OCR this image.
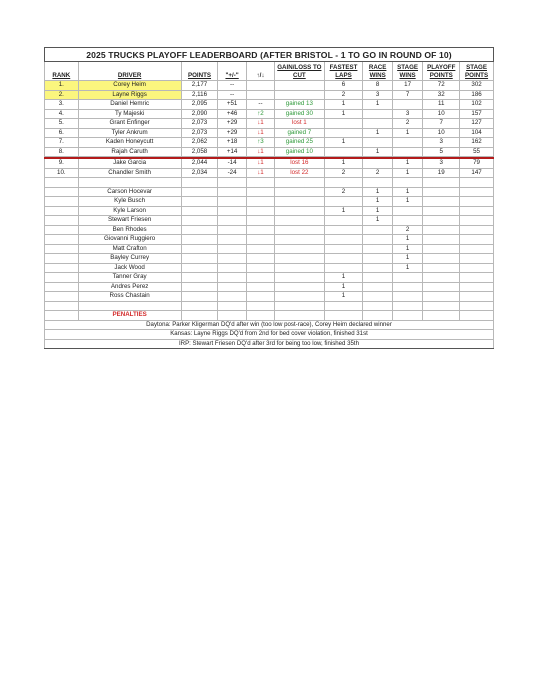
2025 TRUCKS PLAYOFF LEADERBOARD (AFTER BRISTOL - 1 TO GO IN ROUND OF 10)										
RANK	DRIVER	POINTS	"+/-"	↑/↓	GAIN/LOSS TO CUT	FASTEST LAPS	RACE WINS	STAGE WINS	PLAYOFF POINTS	STAGE POINTS
1.	Corey Heim	2,177	--			6	8	17	72	302
2.	Layne Riggs	2,116	--			2	3	7	32	186
3.	Daniel Hemric	2,095	+51	--	gained 13	1	1		11	102
4.	Ty Majeski	2,090	+46	↑2	gained 30	1		3	10	157
5.	Grant Enfinger	2,073	+29	↓1	lost 1			2	7	127
6.	Tyler Ankrum	2,073	+29	↓1	gained 7		1	1	10	104
7.	Kaden Honeycutt	2,062	+18	↑3	gained 25	1			3	162
8.	Rajah Caruth	2,058	+14	↓1	gained 10		1		5	55

9.	Jake Garcia	2,044	-14	↓1	lost 16	1		1	3	79
10.	Chandler Smith	2,034	-24	↓1	lost 22	2	2	1	19	147

	Carson Hocevar					2	1	1		
	Kyle Busch						1	1		
	Kyle Larson					1	1			
	Stewart Friesen						1			
	Ben Rhodes							2		
	Giovanni Ruggiero							1		
	Matt Crafton							1		
	Bayley Currey							1		
	Jack Wood							1		
	Tanner Gray					1				
	Andres Perez					1				
	Ross Chastain					1				

	PENALTIES									
Daytona: Parker Kligerman DQ'd after win (too low post-race), Corey Heim declared winner										
Kansas: Layne Riggs DQ'd from 2nd for bed cover violation, finished 31st										
IRP: Stewart Friesen DQ'd after 3rd for being too low, finished 35th										
